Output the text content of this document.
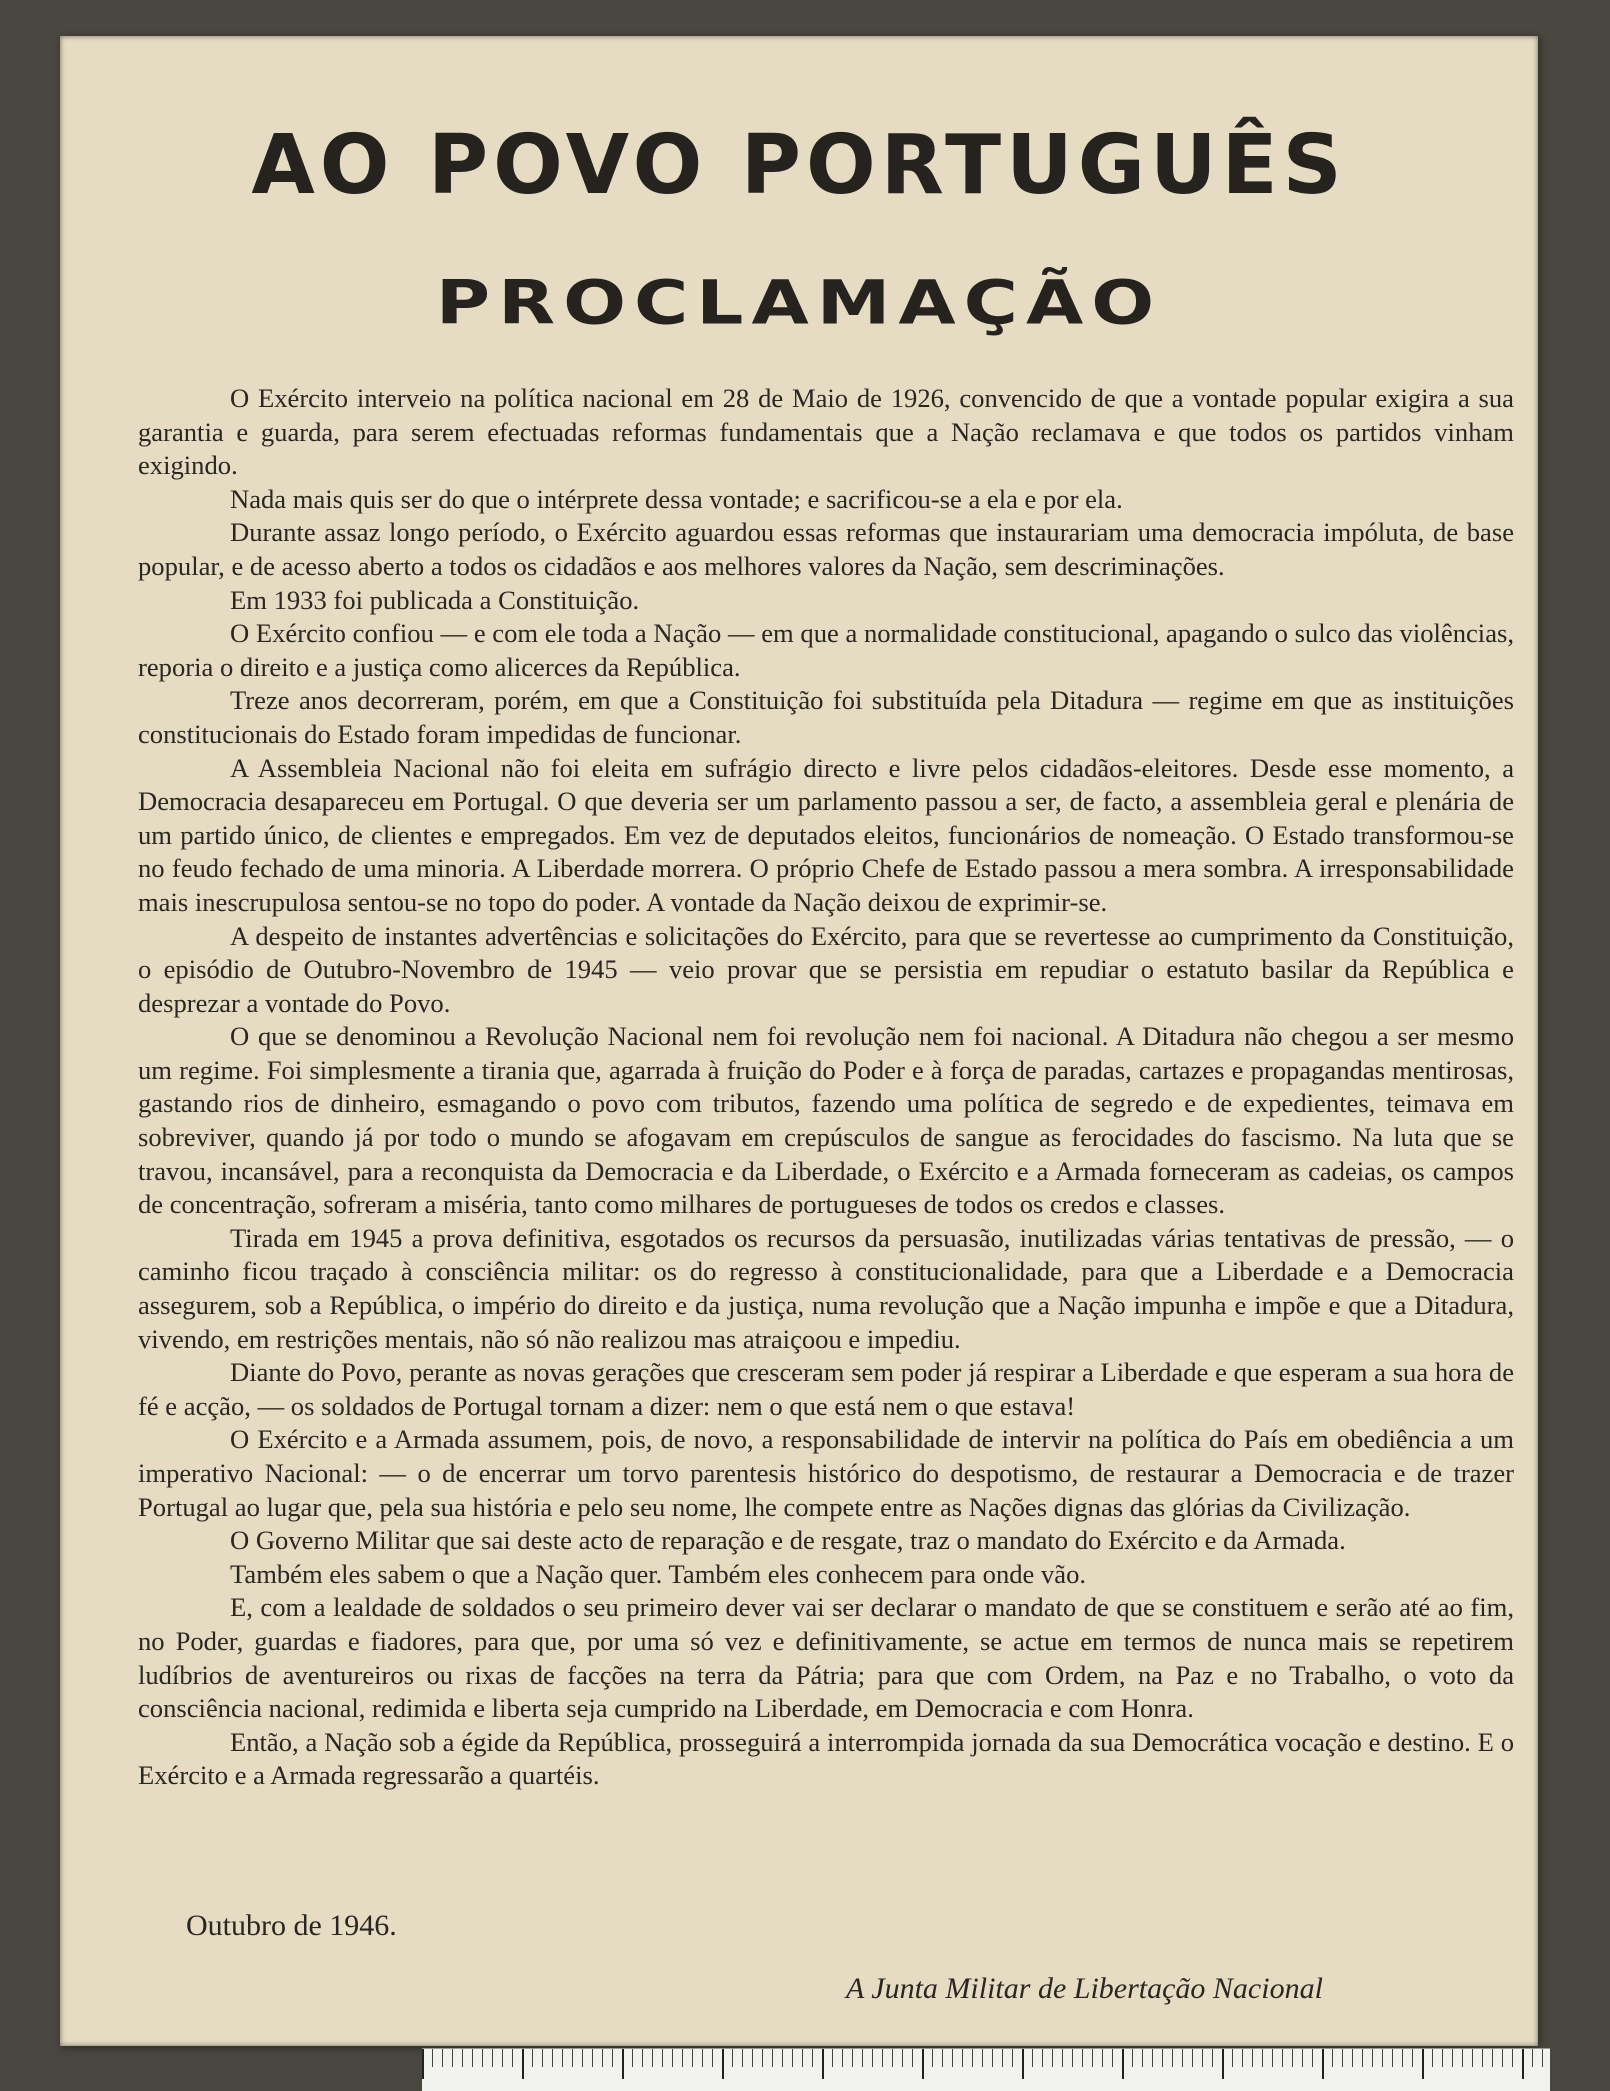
AO POVO PORTUGUÊS
PROCLAMAÇÃO

O Exército interveio na política nacional em 28 de Maio de 1926, convencido de que a vontade popular exigira a sua garantia e guarda, para serem efectuadas reformas fundamentais que a Nação reclamava e que todos os partidos vinham exigindo.

Nada mais quis ser do que o intérprete dessa vontade; e sacrificou-se a ela e por ela.

Durante assaz longo período, o Exército aguardou essas reformas que instaurariam uma democracia impóluta, de base popular, e de acesso aberto a todos os cidadãos e aos melhores valores da Nação, sem descriminações.

Em 1933 foi publicada a Constituição.

O Exército confiou — e com ele toda a Nação — em que a normalidade constitucional, apagando o sulco das violências, reporia o direito e a justiça como alicerces da República.

Treze anos decorreram, porém, em que a Constituição foi substituída pela Ditadura — regime em que as instituições constitucionais do Estado foram impedidas de funcionar.

A Assembleia Nacional não foi eleita em sufrágio directo e livre pelos cidadãos-eleitores. Desde esse momento, a Democracia desapareceu em Portugal. O que deveria ser um parlamento passou a ser, de facto, a assembleia geral e plenária de um partido único, de clientes e empregados. Em vez de deputados eleitos, funcionários de nomeação. O Estado transformou-se no feudo fechado de uma minoria. A Liberdade morrera. O próprio Chefe de Estado passou a mera sombra. A irresponsabilidade mais inescrupulosa sentou-se no topo do poder. A vontade da Nação deixou de exprimir-se.

A despeito de instantes advertências e solicitações do Exército, para que se revertesse ao cumprimento da Constituição, o episódio de Outubro-Novembro de 1945 — veio provar que se persistia em repudiar o estatuto basilar da República e desprezar a vontade do Povo.

O que se denominou a Revolução Nacional nem foi revolução nem foi nacional. A Ditadura não chegou a ser mesmo um regime. Foi simplesmente a tirania que, agarrada à fruição do Poder e à força de paradas, cartazes e propagandas mentirosas, gastando rios de dinheiro, esmagando o povo com tributos, fazendo uma política de segredo e de expedientes, teimava em sobreviver, quando já por todo o mundo se afogavam em crepúsculos de sangue as ferocidades do fascismo. Na luta que se travou, incansável, para a reconquista da Democracia e da Liberdade, o Exército e a Armada forneceram as cadeias, os campos de concentração, sofreram a miséria, tanto como milhares de portugueses de todos os credos e classes.

Tirada em 1945 a prova definitiva, esgotados os recursos da persuasão, inutilizadas várias tentativas de pressão, — o caminho ficou traçado à consciência militar: os do regresso à constitucionalidade, para que a Liberdade e a Democracia assegurem, sob a República, o império do direito e da justiça, numa revolução que a Nação impunha e impõe e que a Ditadura, vivendo, em restrições mentais, não só não realizou mas atraiçoou e impediu.

Diante do Povo, perante as novas gerações que cresceram sem poder já respirar a Liberdade e que esperam a sua hora de fé e acção, — os soldados de Portugal tornam a dizer: nem o que está nem o que estava!

O Exército e a Armada assumem, pois, de novo, a responsabilidade de intervir na política do País em obediência a um imperativo Nacional: — o de encerrar um torvo parentesis histórico do despotismo, de restaurar a Democracia e de trazer Portugal ao lugar que, pela sua história e pelo seu nome, lhe compete entre as Nações dignas das glórias da Civilização.

O Governo Militar que sai deste acto de reparação e de resgate, traz o mandato do Exército e da Armada.

Também eles sabem o que a Nação quer. Também eles conhecem para onde vão.

E, com a lealdade de soldados o seu primeiro dever vai ser declarar o mandato de que se constituem e serão até ao fim, no Poder, guardas e fiadores, para que, por uma só vez e definitivamente, se actue em termos de nunca mais se repetirem ludíbrios de aventureiros ou rixas de facções na terra da Pátria; para que com Ordem, na Paz e no Trabalho, o voto da consciência nacional, redimida e liberta seja cumprido na Liberdade, em Democracia e com Honra.

Então, a Nação sob a égide da República, prosseguirá a interrompida jornada da sua Democrática vocação e destino. E o Exército e a Armada regressarão a quartéis.

Outubro de 1946.
A Junta Militar de Libertação Nacional
